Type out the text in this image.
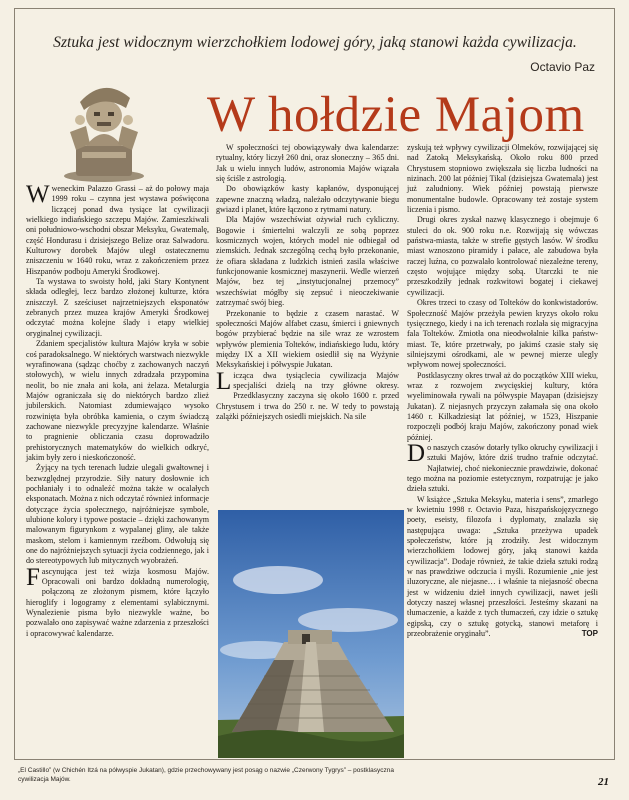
Sztuka jest widocznym wierzchołkiem lodowej góry, jaką stanowi każda cywilizacja.
Octavio Paz
W hołdzie Majom

Wweneckim Palazzo Grassi – aż do połowy maja 1999 roku – czynna jest wystawa poświęcona liczącej ponad dwa tysiące lat cywilizacji wielkiego indiańskiego szczepu Majów. Zamieszkiwali oni południowo-wschodni obszar Meksyku, Gwatemalę, część Hondurasu i dzisiejszego Belize oraz Salwadoru. Kulturowy dorobek Majów uległ ostatecznemu zniszczeniu w 1640 roku, wraz z zakończeniem przez Hiszpanów podboju Ameryki Środkowej.

Ta wystawa to swoisty hołd, jaki Stary Kontynent składa odległej, lecz bardzo złożonej kulturze, która zniszczył. Z sześciuset najrzetniejszych eksponatów zebranych przez muzea krajów Ameryki Środkowej odczytać można kolejne ślady i etapy wielkiej oryginalnej cywilizacji.

Zdaniem specjalistów kultura Majów kryła w sobie coś paradoksalnego. W niektórych warstwach niezwykle wyrafinowana (sądząc choćby z zachowanych naczyń stołowych), w wielu innych zdradzała przypomina neolit, bo nie znała ani koła, ani żelaza. Metalurgia Majów ograniczała się do niektórych bardzo zlież jubilerskich. Natomiast zdumiewająco wysoko rozwinięta była obróbka kamienia, o czym świadczą zachowane niezwykle precyzyjne kalendarze. Właśnie to pragnienie obliczania czasu doprowadziło prehistorycznych matematyków do wielkich odkryć, jakim były zero i nieskończoność.

Żyjący na tych terenach ludzie ulegali gwałtownej i bezwzględnej przyrodzie. Siły natury dosłownie ich pochłaniały i to odnaleźć można także w ocalałych eksponatach. Można z nich odczytać również informacje dotyczące życia społecznego, najróżniejsze symbole, ulubione kolory i typowe postacie – dzięki zachowanym malowanym figurynkom z wypalanej gliny, ale także maskom, stelom i kamiennym rzeźbom. Odwołują się one do najróżniejszych sytuacji życia codziennego, jak i do stereotypowych lub mitycznych wyobrażeń.

Fascynująca jest też wizja kosmosu Majów. Opracowali oni bardzo dokładną numerologię, połączoną ze złożonym pismem, które łączyło hieroglify i logogramy z elementami sylabicznymi. Wynalezienie pisma było niezwykle ważne, bo pozwalało ono zapisywać ważne zdarzenia z przeszłości i opracowywać kalendarze.

W społeczności tej obowiązywały dwa kalendarze: rytualny, który liczył 260 dni, oraz słoneczny – 365 dni. Jak u wielu innych ludów, astronomia Majów wiązała się ściśle z astrologią.

Do obowiązków kasty kapłanów, dysponującej zapewne znaczną władzą, należało odczytywanie biegu gwiazd i planet, które łączono z rytmami natury.

Dla Majów wszechświat ożywiał ruch cykliczny. Bogowie i śmiertelni walczyli ze sobą poprzez kosmicznych wojen, których model nie odbiegał od ziemskich. Jednak szczególną cechą było przekonanie, że ofiara składana z ludzkich istnień zasila właściwe funkcjonowanie kosmicznej maszynerii. Wedle wierzeń Majów, bez tej „instytucjonalnej przemocy” wszechświat mógłby się zepsuć i nieoczekiwanie zatrzymać swój bieg.

Przekonanie to będzie z czasem narastać. W społeczności Majów alfabet czasu, śmierci i gniewnych bogów przybierać będzie na sile wraz ze wzrostem wpływów plemienia Tolteków, indiańskiego ludu, który między IX a XII wiekiem osiedlił się na Wyżynie Meksykańskiej i półwyspie Jukatan.

Licząca dwa tysiąclecia cywilizacja Majów specjaliści dzielą na trzy główne okresy. Przedklasyczny zaczyna się około 1600 r. przed Chrystusem i trwa do 250 r. ne. W tedy to powstają zalążki późniejszych osiedli miejskich. Na sile

zyskują też wpływy cywilizacji Olmeków, rozwijającej się nad Zatoką Meksykańską. Około roku 800 przed Chrystusem stopniowo zwiększała się liczba ludności na nizinach. 200 lat później Tikal (dzisiejsza Gwatemala) jest już zaludniony. Wiek później powstają pierwsze monumentalne budowle. Opracowany też zostaje system liczenia i pismo.

Drugi okres zyskał nazwę klasycznego i obejmuje 6 stuleci do ok. 900 roku n.e. Rozwijają się wówczas państwa-miasta, także w strefie gęstych lasów. W środku miast wznoszono piramidy i pałace, ale zabudowa była raczej luźna, co pozwalało kontrolować niezależne tereny, często wojujące między sobą. Utarczki te nie przeszkodziły jednak rozkwitowi bogatej i ciekawej cywilizacji.

Okres trzeci to czasy od Tolteków do konkwistadorów. Społeczność Majów przeżyła pewien kryzys około roku tysięcznego, kiedy i na ich terenach rozlała się migracyjna fala Tolteków. Zmiotła ona nieodwołalnie kilka państw-miast. Te, które przetrwały, po jakimś czasie stały się silniejszymi ośrodkami, ale w pewnej mierze ulegly wpływom nowej społeczności.

Postklasyczny okres trwał aż do początków XIII wieku, wraz z rozwojem zwycięskiej kultury, która wyeliminowała rywali na półwyspie Mayapan (dzisiejszy Jukatan). Z niejasnych przyczyn załamała się ona około 1460 r. Kilkadziesiąt lat później, w 1523, Hiszpanie rozpoczęli podbój kraju Majów, zakończony ponad wiek później.

Do naszych czasów dotarły tylko okruchy cywilizacji i sztuki Majów, które dziś trudno trafnie odczytać. Najłatwiej, choć niekoniecznie prawdziwie, dokonać tego można na poziomie estetycznym, rozpatrując je jako dzieła sztuki.

W książce „Sztuka Meksyku, materia i sens”, zmarłego w kwietniu 1998 r. Octavio Paza, hiszpańskojęzycznego poety, eseisty, filozofa i dyplomaty, znalazła się następująca uwaga: „Sztuka przeżywa upadek społeczeństw, które ją zrodziły. Jest widocznym wierzchołkiem lodowej góry, jaką stanowi każda cywilizacja”. Dodaje również, że takie dzieła sztuki rodzą w nas prawdziwe odczucia i myśli. Rozumienie „nie jest iluzoryczne, ale niejasne… i właśnie ta niejasność obecna jest w widzeniu dzieł innych cywilizacji, nawet jeśli dotyczy naszej własnej przeszłości. Jesteśmy skazani na tłumaczenie, a każde z tych tłumaczeń, czy idzie o sztukę egipską, czy o sztukę gotycką, stanowi metaforę i przeobrażenie oryginału”.	TOP

„El Castillo” (w Chichén Itzá na półwyspie Jukatan), gdzie przechowywany jest posąg o nazwie „Czerwony Tygrys” – postklasyczna cywilizacja Majów.	21
